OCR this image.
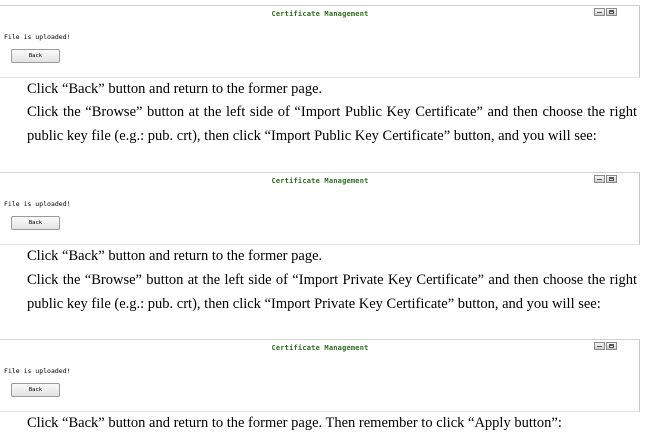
Certificate Management
File is uploaded!
Back

Click “Back” button and return to the former page.

Click the “Browse” button at the left side of “Import Public Key Certificate” and then choose the right public key file (e.g.: pub. crt), then click “Import Public Key Certificate” button, and you will see:

Certificate Management
File is uploaded!
Back

Click “Back” button and return to the former page.

Click the “Browse” button at the left side of “Import Private Key Certificate” and then choose the right public key file (e.g.: pub. crt), then click “Import Private Key Certificate” button, and you will see:

Certificate Management
File is uploaded!
Back

Click “Back” button and return to the former page. Then remember to click “Apply button”:
